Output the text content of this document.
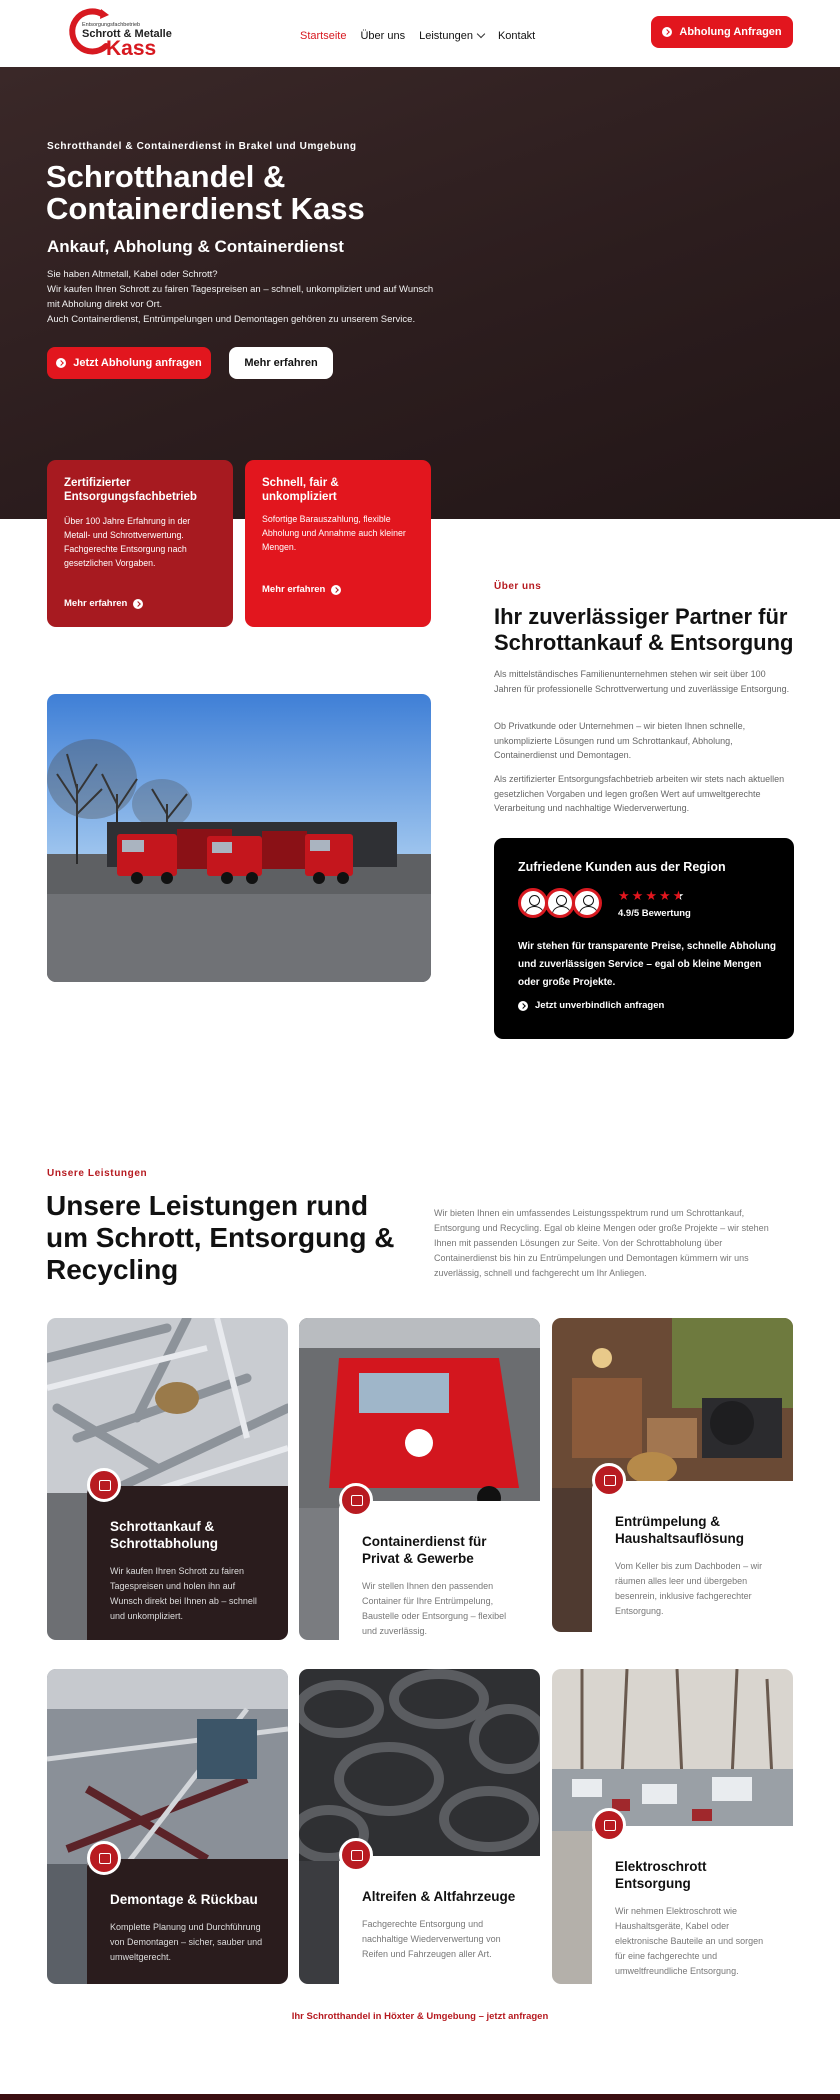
Entsorgungsfachbetrieb
Schrott & Metalle
Kass
Startseite Über uns Leistungen	Kontakt	Abholung Anfragen
Schrotthandel & Containerdienst in Brakel und Umgebung
Schrotthandel & Containerdienst Kass
Ankauf, Abholung & Containerdienst
Sie haben Altmetall, Kabel oder Schrott?
Wir kaufen Ihren Schrott zu fairen Tagespreisen an – schnell, unkompliziert und auf Wunsch mit Abholung direkt vor Ort.
Auch Containerdienst, Entrümpelungen und Demontagen gehören zu unserem Service.
Jetzt Abholung anfragen	Mehr erfahren
Zertifizierter Entsorgungsfachbetrieb

Über 100 Jahre Erfahrung in der Metall- und Schrottverwertung. Fachgerechte Entsorgung nach gesetzlichen Vorgaben.

Mehr erfahren
Schnell, fair & unkompliziert

Sofortige Barauszahlung, flexible Abholung und Annahme auch kleiner Mengen.

Mehr erfahren	Über uns
Ihr zuverlässiger Partner für Schrottankauf & Entsorgung

Als mittelständisches Familienunternehmen stehen wir seit über 100 Jahren für professionelle Schrottverwertung und zuverlässige Entsorgung.

Ob Privatkunde oder Unternehmen – wir bieten Ihnen schnelle, unkomplizierte Lösungen rund um Schrottankauf, Abholung, Containerdienst und Demontagen.

Als zertifizierter Entsorgungsfachbetrieb arbeiten wir stets nach aktuellen gesetzlichen Vorgaben und legen großen Wert auf umweltgerechte Verarbeitung und nachhaltige Wiederverwertung.

Zufriedene Kunden aus der Region
★ ★ ★ ★ ★
4.9/5 Bewertung

Wir stehen für transparente Preise, schnelle Abholung und zuverlässigen Service – egal ob kleine Mengen oder große Projekte.

Jetzt unverbindlich anfragen
Unsere Leistungen
Unsere Leistungen rund um Schrott, Entsorgung & Recycling

Wir bieten Ihnen ein umfassendes Leistungsspektrum rund um Schrottankauf, Entsorgung und Recycling. Egal ob kleine Mengen oder große Projekte – wir stehen Ihnen mit passenden Lösungen zur Seite. Von der Schrottabholung über Containerdienst bis hin zu Entrümpelungen und Demontagen kümmern wir uns zuverlässig, schnell und fachgerecht um Ihr Anliegen.

Schrottankauf & Schrottabholung

Wir kaufen Ihren Schrott zu fairen Tagespreisen und holen ihn auf Wunsch direkt bei Ihnen ab – schnell und unkompliziert.

Containerdienst für Privat & Gewerbe

Wir stellen Ihnen den passenden Container für Ihre Entrümpelung, Baustelle oder Entsorgung – flexibel und zuverlässig.

Entrümpelung & Haushaltsauflösung

Vom Keller bis zum Dachboden – wir räumen alles leer und übergeben besenrein, inklusive fachgerechter Entsorgung.

Demontage & Rückbau

Komplette Planung und Durchführung von Demontagen – sicher, sauber und umweltgerecht.

Altreifen & Altfahrzeuge

Fachgerechte Entsorgung und nachhaltige Wiederverwertung von Reifen und Fahrzeugen aller Art.

Elektroschrott Entsorgung

Wir nehmen Elektroschrott wie Haushaltsgeräte, Kabel oder elektronische Bauteile an und sorgen für eine fachgerechte und umweltfreundliche Entsorgung.

Ihr Schrotthandel in Höxter & Umgebung – jetzt anfragen
